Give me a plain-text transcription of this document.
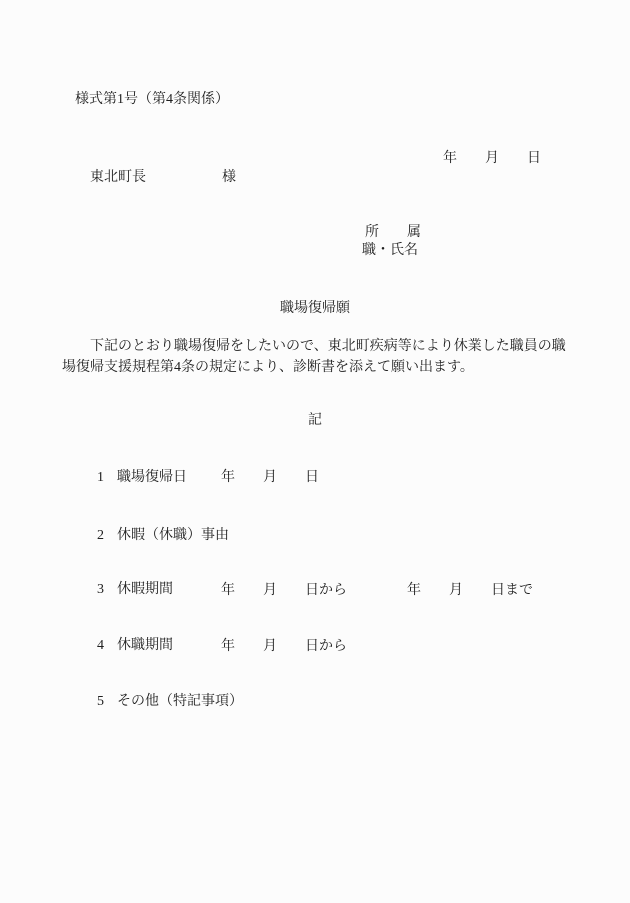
様式第1号（第4条関係）
年　　月　　日
東北町長	様
所　　属
職・氏名
職場復帰願
　　下記のとおり職場復帰をしたいので、東北町疾病等により休業した職員の職
場復帰支援規程第4条の規定により、診断書を添えて願い出ます。
記

1 職場復帰日
年　　月　　日

2 休暇（休職）事由

3 休暇期間
	年　　月　　日から	年　　月　　日まで

4 休職期間
	年　　月　　日から

5 その他（特記事項）
